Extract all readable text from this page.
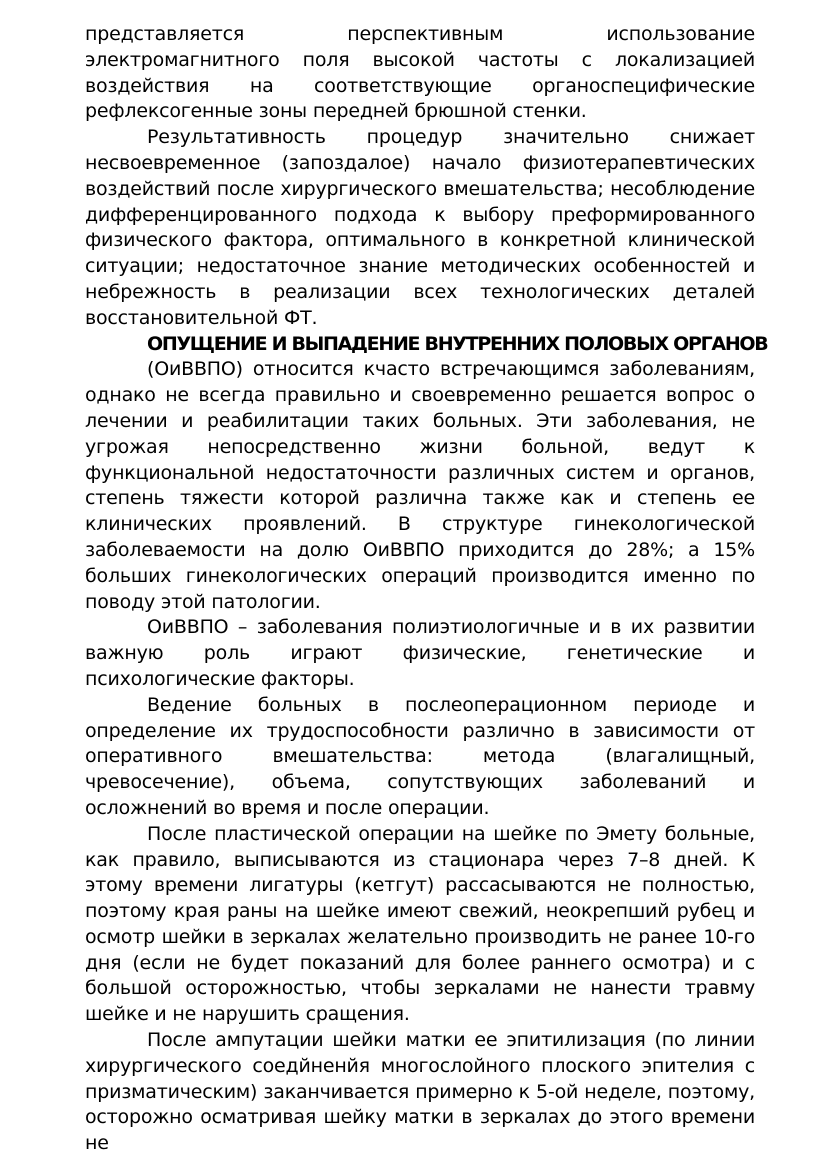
представляется перспективным использование электромагнитного поля высокой частоты с локализацией воздействия на соответствующие органоспецифические рефлексогенные зоны передней брюшной стенки.

Результативность процедур значительно снижает несвоевременное (запоздалое) начало физиотерапевтических воздействий после хирургического вмешательства; несоблюдение дифференцированного подхода к выбору преформированного физического фактора, оптимального в конкретной клинической ситуации; недостаточное знание методических особенностей и небрежность в реализации всех технологических деталей восстановительной ФТ.

ОПУЩЕНИЕ И ВЫПАДЕНИЕ ВНУТРЕННИХ ПОЛОВЫХ ОРГАНОВ

(ОиВВПО) относится кчасто встречающимся заболеваниям, однако не всегда правильно и своевременно решается вопрос о лечении и реабилитации таких больных. Эти заболевания, не угрожая непосредственно жизни больной, ведут к функциональной недостаточности различных систем и органов, степень тяжести которой различна также как и степень ее клинических проявлений. В структуре гинекологической заболеваемости на долю ОиВВПО приходится до 28%; а 15% больших гинекологических операций производится именно по поводу этой патологии.

ОиВВПО – заболевания полиэтиологичные и в их развитии важную роль играют физические, генетические и психологические факторы.

Ведение больных в послеоперационном периоде и определение их трудоспособности различно в зависимости от оперативного вмешательства: метода (влагалищный, чревосечение), объема, сопутствующих заболеваний и осложнений во время и после операции.

После пластической операции на шейке по Эмету больные, как правило, выписываются из стационара через 7–8 дней. К этому времени лигатуры (кетгут) рассасываются не полностью, поэтому края раны на шейке имеют свежий, неокрепший рубец и осмотр шейки в зеркалах желательно производить не ранее 10-го дня (если не будет показаний для более раннего осмотра) и с большой осторожностью, чтобы зеркалами не нанести травму шейке и не нарушить сращения.

После ампутации шейки матки ее эпитилизация (по линии хирургического соедйненйя многослойного плоского эпителия с призматическим) заканчивается примерно к 5-ой неделе, поэтому, осторожно осматривая шейку матки в зеркалах до этого времени не
